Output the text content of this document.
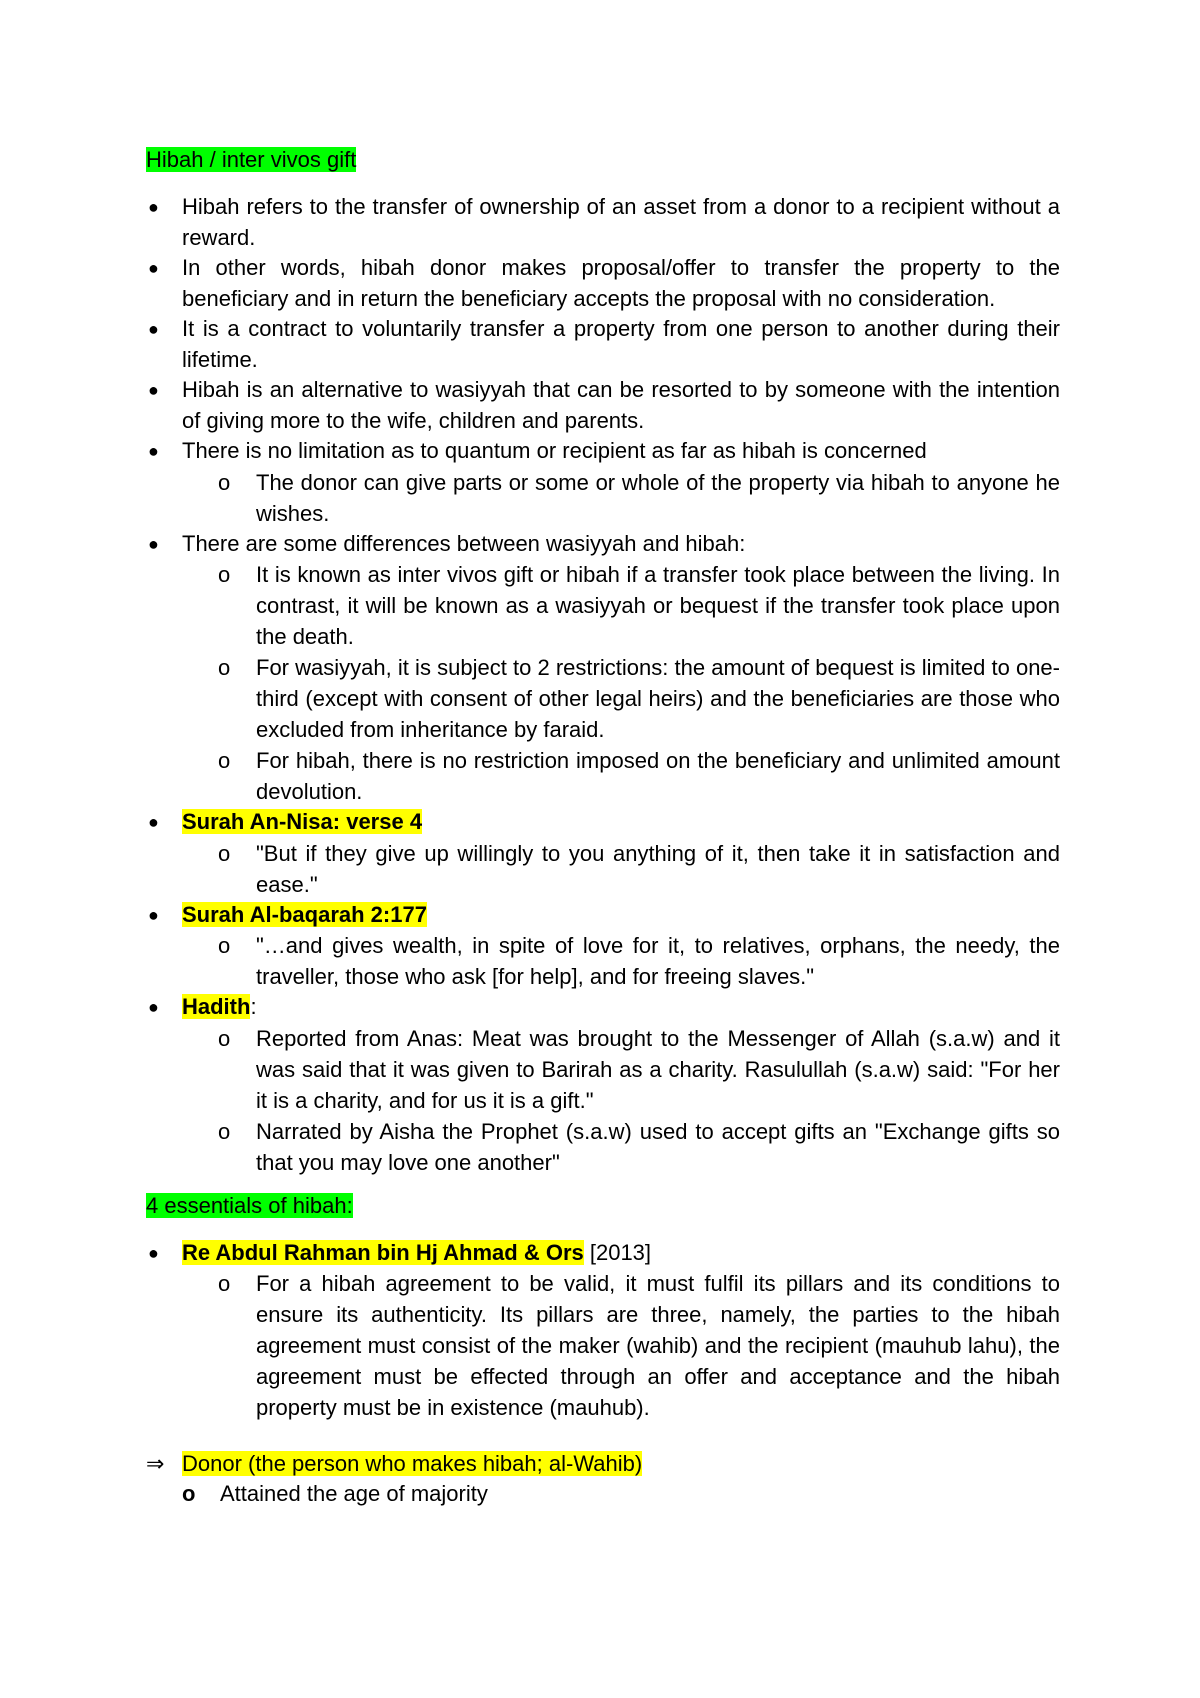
Hibah / inter vivos gift
● Hibah refers to the transfer of ownership of an asset from a donor to a recipient without a reward.
● In other words, hibah donor makes proposal/offer to transfer the property to the beneficiary and in return the beneficiary accepts the proposal with no consideration.
● It is a contract to voluntarily transfer a property from one person to another during their lifetime.
● Hibah is an alternative to wasiyyah that can be resorted to by someone with the intention of giving more to the wife, children and parents.
● There is no limitation as to quantum or recipient as far as hibah is concerned
o The donor can give parts or some or whole of the property via hibah to anyone he wishes.
● There are some differences between wasiyyah and hibah:
o It is known as inter vivos gift or hibah if a transfer took place between the living. In contrast, it will be known as a wasiyyah or bequest if the transfer took place upon the death.
o For wasiyyah, it is subject to 2 restrictions: the amount of bequest is limited to one-third (except with consent of other legal heirs) and the beneficiaries are those who excluded from inheritance by faraid.
o For hibah, there is no restriction imposed on the beneficiary and unlimited amount devolution.
● Surah An-Nisa: verse 4
o "But if they give up willingly to you anything of it, then take it in satisfaction and ease."
● Surah Al-baqarah 2:177
o "…and gives wealth, in spite of love for it, to relatives, orphans, the needy, the traveller, those who ask [for help], and for freeing slaves."
● Hadith:
o Reported from Anas: Meat was brought to the Messenger of Allah (s.a.w) and it was said that it was given to Barirah as a charity. Rasulullah (s.a.w) said: "For her it is a charity, and for us it is a gift."
o Narrated by Aisha the Prophet (s.a.w) used to accept gifts an "Exchange gifts so that you may love one another"
4 essentials of hibah:
● Re Abdul Rahman bin Hj Ahmad & Ors [2013]
o For a hibah agreement to be valid, it must fulfil its pillars and its conditions to ensure its authenticity. Its pillars are three, namely, the parties to the hibah agreement must consist of the maker (wahib) and the recipient (mauhub lahu), the agreement must be effected through an offer and acceptance and the hibah property must be in existence (mauhub).
⇒ Donor (the person who makes hibah; al-Wahib)
o Attained the age of majority
